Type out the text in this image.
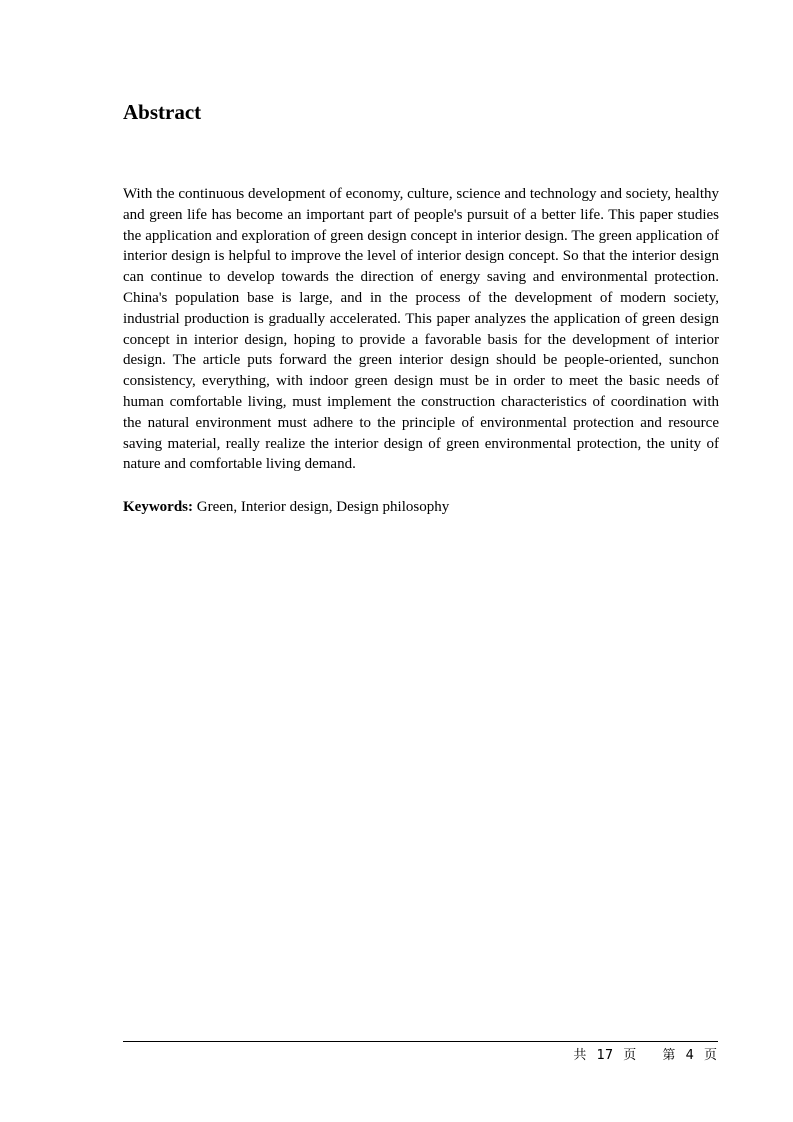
Abstract

With the continuous development of economy, culture, science and technology and society, healthy and green life has become an important part of people's pursuit of a better life. This paper studies the application and exploration of green design concept in interior design. The green application of interior design is helpful to improve the level of interior design concept. So that the interior design can continue to develop towards the direction of energy saving and environmental protection. China's population base is large, and in the process of the development of modern society, industrial production is gradually accelerated. This paper analyzes the application of green design concept in interior design, hoping to provide a favorable basis for the development of interior design. The article puts forward the green interior design should be people-oriented, sunchon consistency, everything, with indoor green design must be in order to meet the basic needs of human comfortable living, must implement the construction characteristics of coordination with the natural environment must adhere to the principle of environmental protection and resource saving material, really realize the interior design of green environmental protection, the unity of nature and comfortable living demand.

Keywords: Green, Interior design, Design philosophy

共 17 页 第 4 页
